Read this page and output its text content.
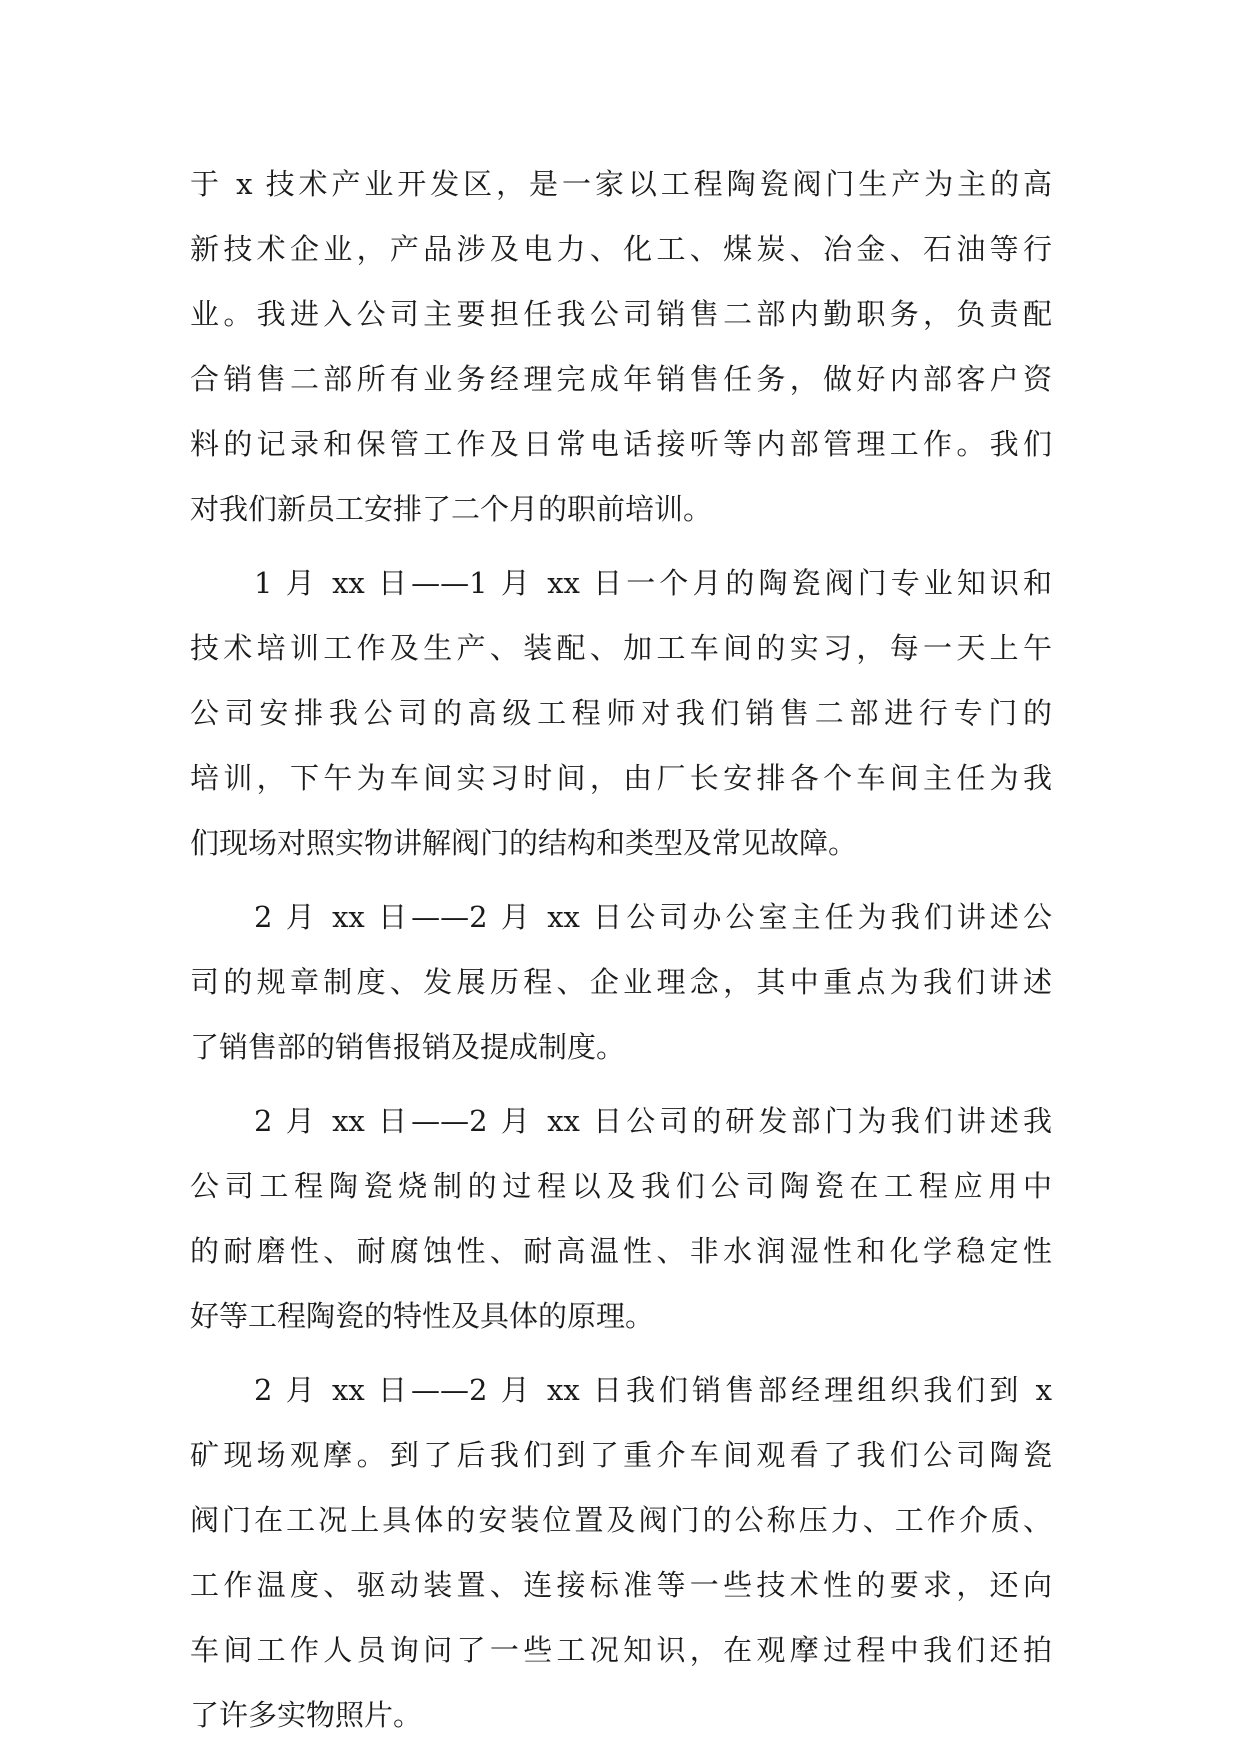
于 x 技术产业开发区，是一家以工程陶瓷阀门生产为主的高
新技术企业，产品涉及电力、化工、煤炭、冶金、石油等行
业。我进入公司主要担任我公司销售二部内勤职务，负责配
合销售二部所有业务经理完成年销售任务，做好内部客户资
料的记录和保管工作及日常电话接听等内部管理工作。我们
对我们新员工安排了二个月的职前培训。
1 月 xx 日——1 月 xx 日一个月的陶瓷阀门专业知识和
技术培训工作及生产、装配、加工车间的实习，每一天上午
公司安排我公司的高级工程师对我们销售二部进行专门的
培训，下午为车间实习时间，由厂长安排各个车间主任为我
们现场对照实物讲解阀门的结构和类型及常见故障。
2 月 xx 日——2 月 xx 日公司办公室主任为我们讲述公
司的规章制度、发展历程、企业理念，其中重点为我们讲述
了销售部的销售报销及提成制度。
2 月 xx 日——2 月 xx 日公司的研发部门为我们讲述我
公司工程陶瓷烧制的过程以及我们公司陶瓷在工程应用中
的耐磨性、耐腐蚀性、耐高温性、非水润湿性和化学稳定性
好等工程陶瓷的特性及具体的原理。
2 月 xx 日——2 月 xx 日我们销售部经理组织我们到 x
矿现场观摩。到了后我们到了重介车间观看了我们公司陶瓷
阀门在工况上具体的安装位置及阀门的公称压力、工作介质、
工作温度、驱动装置、连接标准等一些技术性的要求，还向
车间工作人员询问了一些工况知识，在观摩过程中我们还拍
了许多实物照片。
